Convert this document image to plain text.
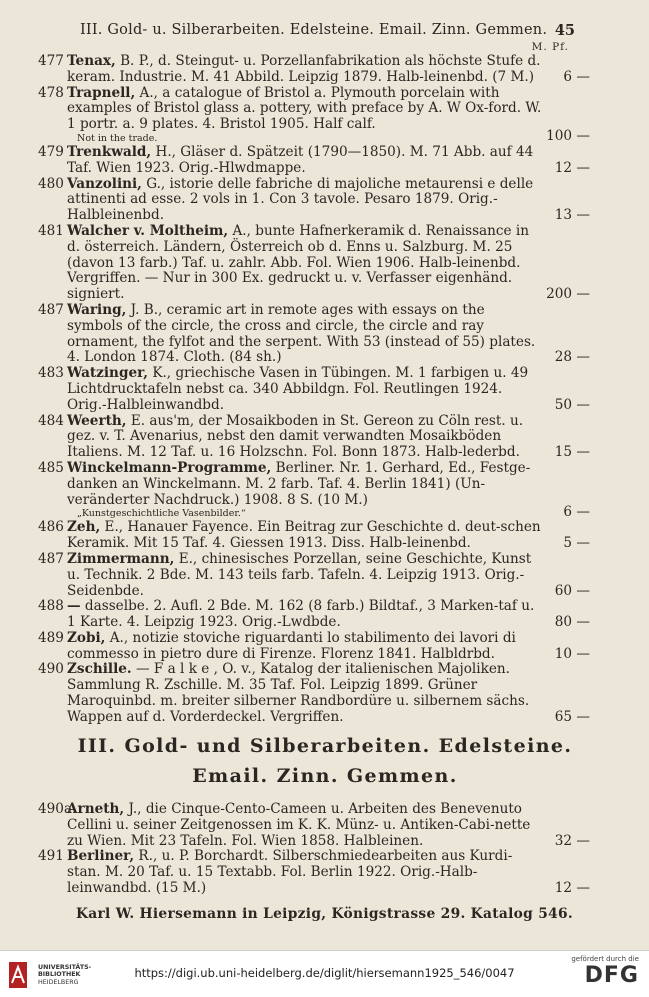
III. Gold- u. Silberarbeiten. Edelsteine. Email. Zinn. Gemmen. 45
M. Pf.
477 Tenax, B. P., d. Steingut- u. Porzellanfabrikation als höchste Stufe d. keram. Industrie. M. 41 Abbild. Leipzig 1879. Halb-leinenbd. (7 M.)	6 —
478 Trapnell, A., a catalogue of Bristol a. Plymouth porcelain with examples of Bristol glass a. pottery, with preface by A. W Ox-ford. W. 1 portr. a. 9 plates. 4. Bristol 1905. Half calf.
Not in the trade.	100 —
479 Trenkwald, H., Gläser d. Spätzeit (1790—1850). M. 71 Abb. auf 44 Taf. Wien 1923. Orig.-Hlwdmappe.	12 —
480 Vanzolini, G., istorie delle fabriche di majoliche metaurensi e delle attinenti ad esse. 2 vols in 1. Con 3 tavole. Pesaro 1879. Orig.-Halbleinenbd.	13 —
481 Walcher v. Moltheim, A., bunte Hafnerkeramik d. Renaissance in d. österreich. Ländern, Österreich ob d. Enns u. Salzburg. M. 25 (davon 13 farb.) Taf. u. zahlr. Abb. Fol. Wien 1906. Halb-leinenbd. Vergriffen. — Nur in 300 Ex. gedruckt u. v. Verfasser eigenhänd. signiert.	200 —
487 Waring, J. B., ceramic art in remote ages with essays on the symbols of the circle, the cross and circle, the circle and ray ornament, the fylfot and the serpent. With 53 (instead of 55) plates. 4. London 1874. Cloth. (84 sh.)	28 —
483 Watzinger, K., griechische Vasen in Tübingen. M. 1 farbigen u. 49 Lichtdrucktafeln nebst ca. 340 Abbildgn. Fol. Reutlingen 1924. Orig.-Halbleinwandbd.	50 —
484 Weerth, E. aus'm, der Mosaikboden in St. Gereon zu Cöln rest. u. gez. v. T. Avenarius, nebst den damit verwandten Mosaikböden Italiens. M. 12 Taf. u. 16 Holzschn. Fol. Bonn 1873. Halb-lederbd.	15 —
485 Winckelmann-Programme, Berliner. Nr. 1. Gerhard, Ed., Festge-danken an Winckelmann. M. 2 farb. Taf. 4. Berlin 1841) (Un-veränderter Nachdruck.) 1908. 8 S. (10 M.)
„Kunstgeschichtliche Vasenbilder.“	6 —
486 Zeh, E., Hanauer Fayence. Ein Beitrag zur Geschichte d. deut-schen Keramik. Mit 15 Taf. 4. Giessen 1913. Diss. Halb-leinenbd.	5 —
487 Zimmermann, E., chinesisches Porzellan, seine Geschichte, Kunst u. Technik. 2 Bde. M. 143 teils farb. Tafeln. 4. Leipzig 1913. Orig.-Seidenbde.	60 —
488 — dasselbe. 2. Aufl. 2 Bde. M. 162 (8 farb.) Bildtaf., 3 Marken-taf u. 1 Karte. 4. Leipzig 1923. Orig.-Lwdbde.	80 —
489 Zobi, A., notizie stoviche riguardanti lo stabilimento dei lavori di commesso in pietro dure di Firenze. Florenz 1841. Halbldrbd.	10 —
490 Zschille. — F a l k e , O. v., Katalog der italienischen Majoliken. Sammlung R. Zschille. M. 35 Taf. Fol. Leipzig 1899. Grüner Maroquinbd. m. breiter silberner Randbordüre u. silbernem sächs. Wappen auf d. Vorderdeckel. Vergriffen.	65 —
III. Gold- und Silberarbeiten. Edelsteine.
Email. Zinn. Gemmen.
490a
Arneth, J., die Cinque-Cento-Cameen u. Arbeiten des Benevenuto Cellini u. seiner Zeitgenossen im K. K. Münz- u. Antiken-Cabi-nette zu Wien. Mit 23 Tafeln. Fol. Wien 1858. Halbleinen.	32 —
491 Berliner, R., u. P. Borchardt. Silberschmiedearbeiten aus Kurdi-stan. M. 20 Taf. u. 15 Textabb. Fol. Berlin 1922. Orig.-Halb-leinwandbd. (15 M.)	12 —
Karl W. Hiersemann in Leipzig, Königstrasse 29. Katalog 546.
UNIVERSITÄTS-
BIBLIOTHEK
HEIDELBERG
https://digi.ub.uni-heidelberg.de/diglit/hiersemann1925_546/0047
gefördert durch die
DFG
